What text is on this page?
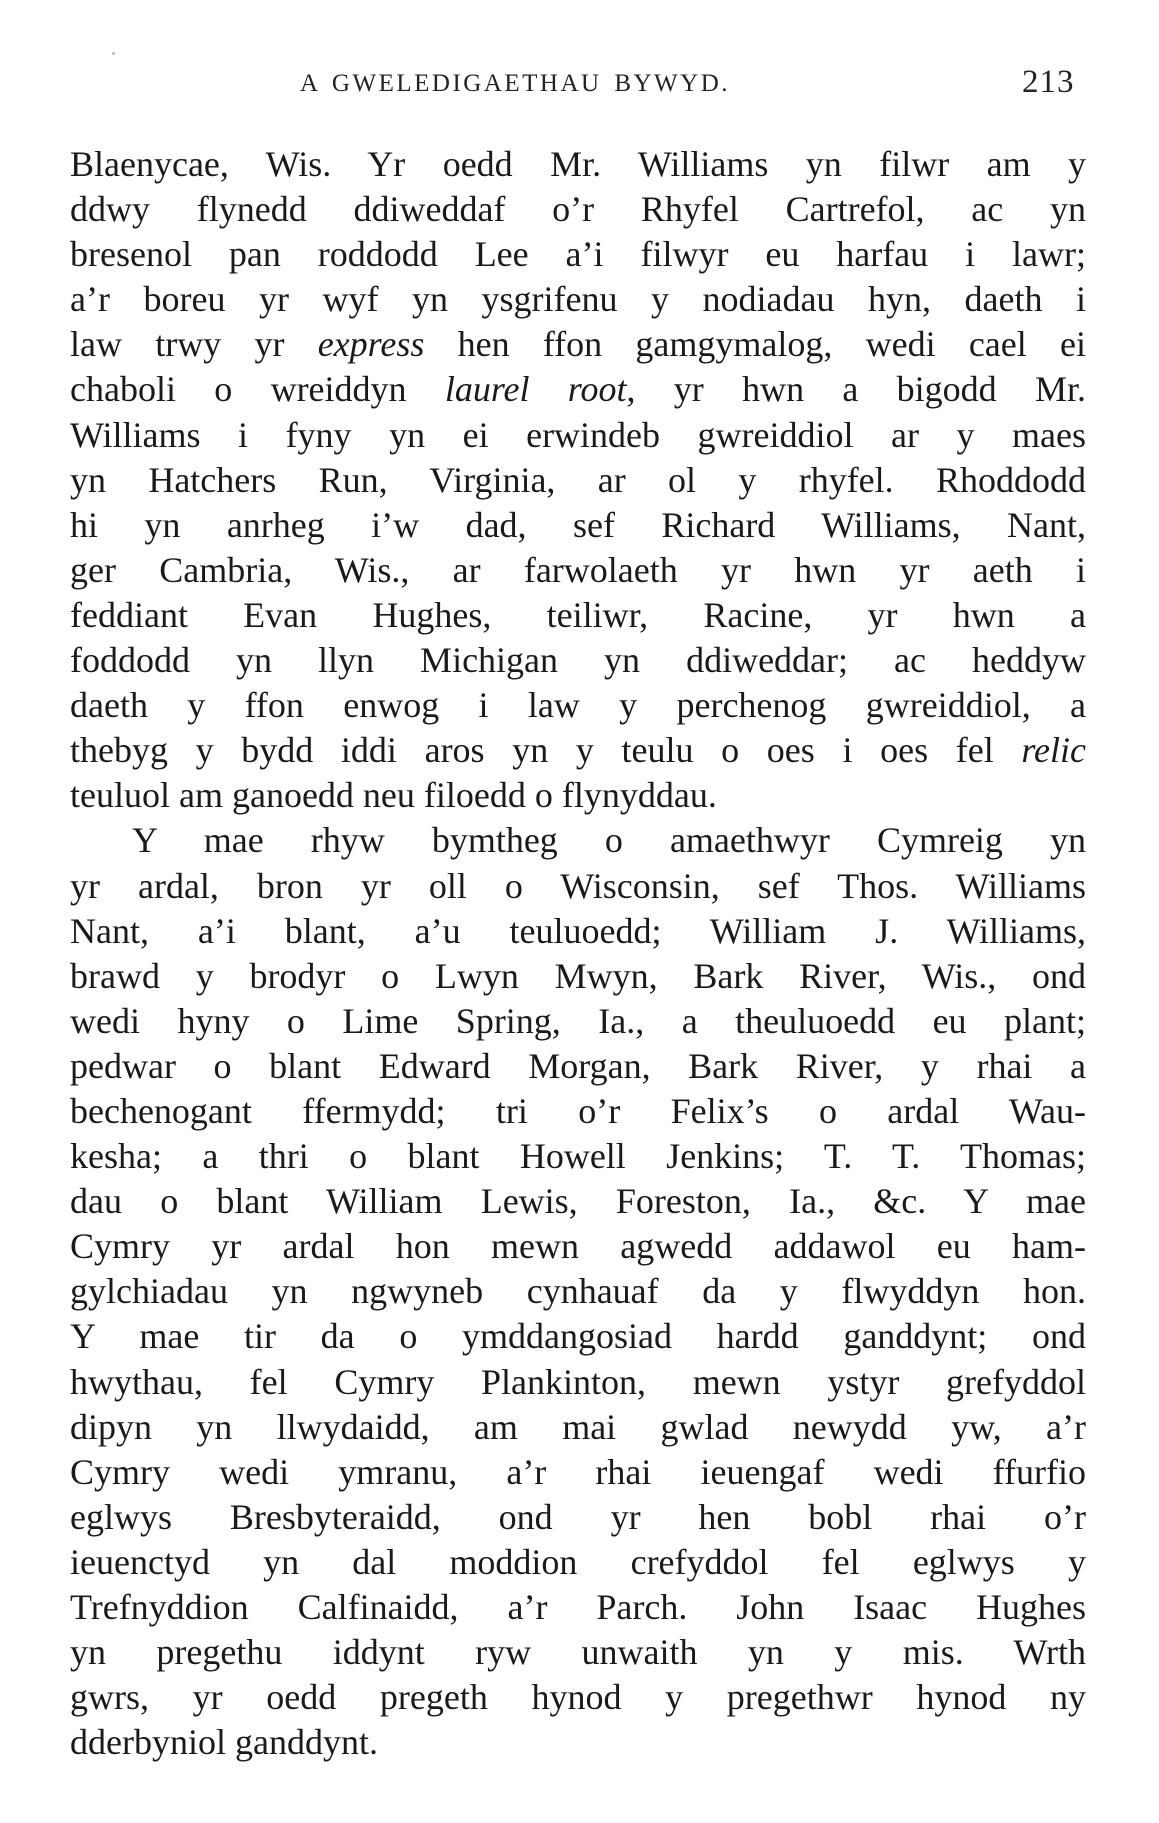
A GWELEDIGAETHAU BYWYD.	213
Blaenycae, Wis. Yr oedd Mr. Williams yn filwr am y
ddwy flynedd ddiweddaf o’r Rhyfel Cartrefol, ac yn
bresenol pan roddodd Lee a’i filwyr eu harfau i lawr;
a’r boreu yr wyf yn ysgrifenu y nodiadau hyn, daeth i
law trwy yr express hen ffon gamgymalog, wedi cael ei
chaboli o wreiddyn laurel root, yr hwn a bigodd Mr.
Williams i fyny yn ei erwindeb gwreiddiol ar y maes
yn Hatchers Run, Virginia, ar ol y rhyfel. Rhoddodd
hi yn anrheg i’w dad, sef Richard Williams, Nant,
ger Cambria, Wis., ar farwolaeth yr hwn yr aeth i
feddiant Evan Hughes, teiliwr, Racine, yr hwn a
foddodd yn llyn Michigan yn ddiweddar; ac heddyw
daeth y ffon enwog i law y perchenog gwreiddiol, a
thebyg y bydd iddi aros yn y teulu o oes i oes fel relic
teuluol am ganoedd neu filoedd o flynyddau.
Y mae rhyw bymtheg o amaethwyr Cymreig yn
yr ardal, bron yr oll o Wisconsin, sef Thos. Williams
Nant, a’i blant, a’u teuluoedd; William J. Williams,
brawd y brodyr o Lwyn Mwyn, Bark River, Wis., ond
wedi hyny o Lime Spring, Ia., a theuluoedd eu plant;
pedwar o blant Edward Morgan, Bark River, y rhai a
bechenogant ffermydd; tri o’r Felix’s o ardal Wau-
kesha; a thri o blant Howell Jenkins; T. T. Thomas;
dau o blant William Lewis, Foreston, Ia., &c. Y mae
Cymry yr ardal hon mewn agwedd addawol eu ham-
gylchiadau yn ngwyneb cynhauaf da y flwyddyn hon.
Y mae tir da o ymddangosiad hardd ganddynt; ond
hwythau, fel Cymry Plankinton, mewn ystyr grefyddol
dipyn yn llwydaidd, am mai gwlad newydd yw, a’r
Cymry wedi ymranu, a’r rhai ieuengaf wedi ffurfio
eglwys Bresbyteraidd, ond yr hen bobl rhai o’r
ieuenctyd yn dal moddion crefyddol fel eglwys y
Trefnyddion Calfinaidd, a’r Parch. John Isaac Hughes
yn pregethu iddynt ryw unwaith yn y mis. Wrth
gwrs, yr oedd pregeth hynod y pregethwr hynod ny
dderbyniol ganddynt.
